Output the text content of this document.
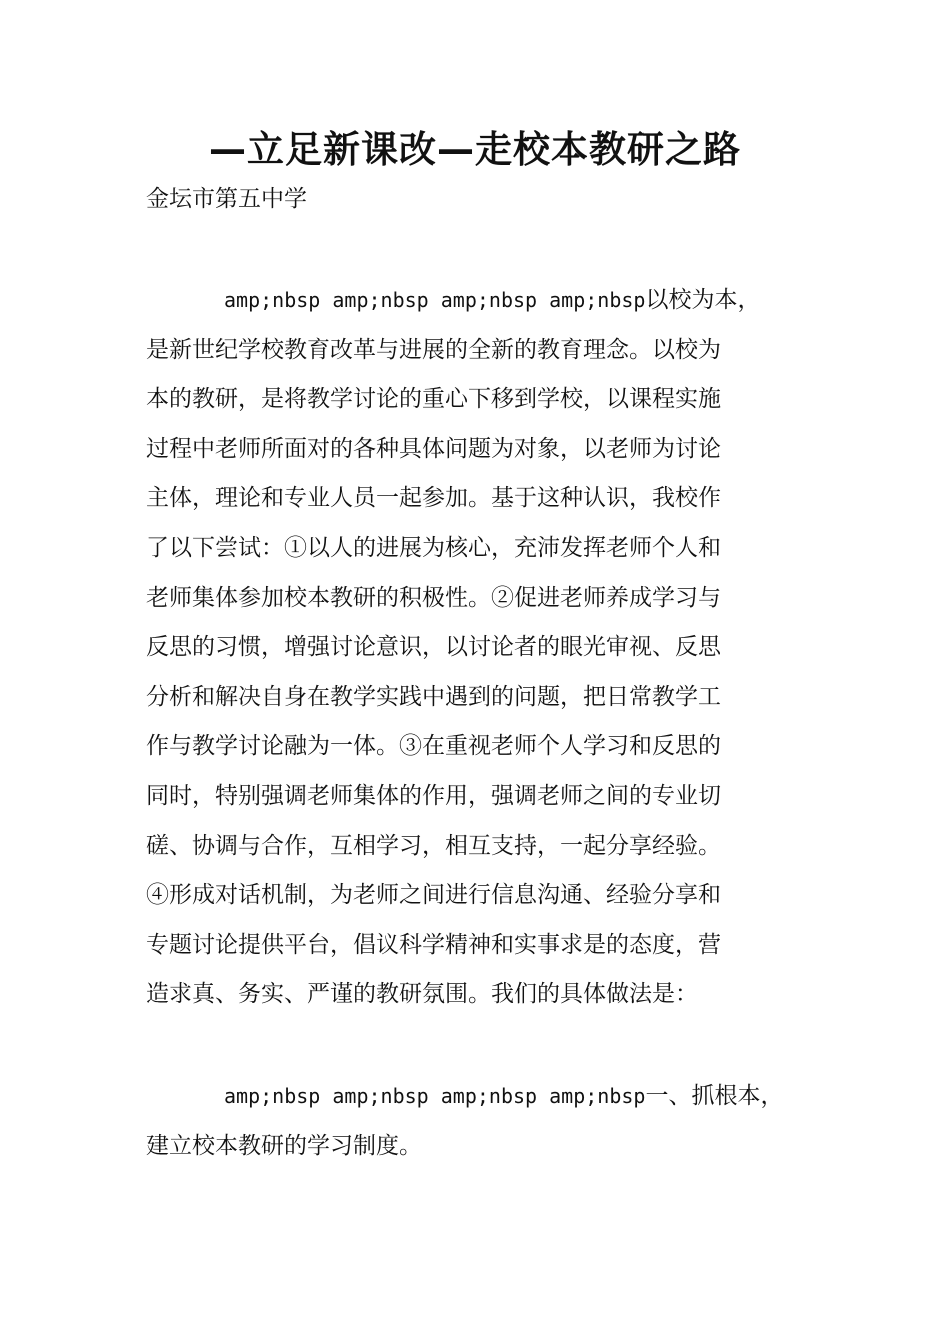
—立足新课改—走校本教研之路

金坛市第五中学

amp;nbsp amp;nbsp amp;nbsp amp;nbsp以校为本，
是新世纪学校教育改革与进展的全新的教育理念。以校为
本的教研，是将教学讨论的重心下移到学校，以课程实施
过程中老师所面对的各种具体问题为对象，以老师为讨论
主体，理论和专业人员一起参加。基于这种认识，我校作
了以下尝试：①以人的进展为核心，充沛发挥老师个人和
老师集体参加校本教研的积极性。②促进老师养成学习与
反思的习惯，增强讨论意识，以讨论者的眼光审视、反思
分析和解决自身在教学实践中遇到的问题，把日常教学工
作与教学讨论融为一体。③在重视老师个人学习和反思的
同时，特别强调老师集体的作用，强调老师之间的专业切
磋、协调与合作，互相学习，相互支持，一起分享经验。
④形成对话机制，为老师之间进行信息沟通、经验分享和
专题讨论提供平台，倡议科学精神和实事求是的态度，营
造求真、务实、严谨的教研氛围。我们的具体做法是：
amp;nbsp amp;nbsp amp;nbsp amp;nbsp一、抓根本，
建立校本教研的学习制度。
